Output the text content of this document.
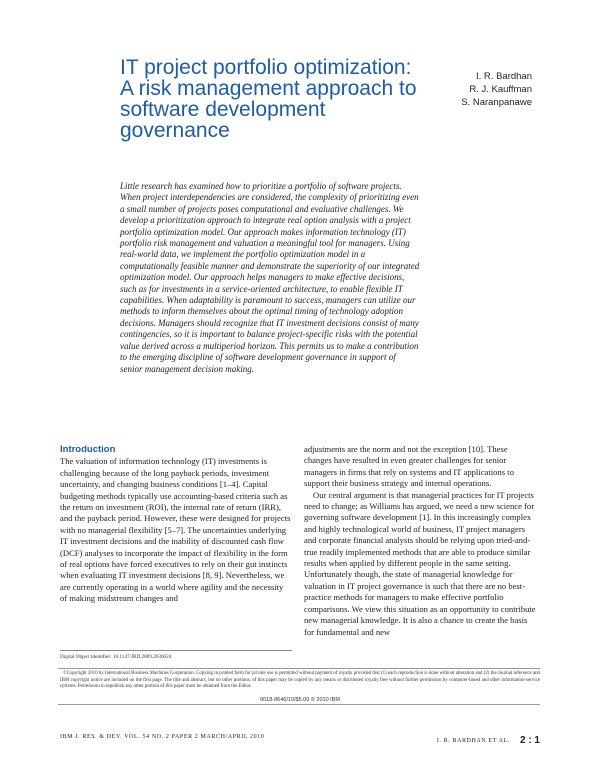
IT project portfolio optimization: A risk management approach to software development governance
I. R. Bardhan
R. J. Kauffman
S. Naranpanawe

Little research has examined how to prioritize a portfolio of software projects. When project interdependencies are considered, the complexity of prioritizing even a small number of projects poses computational and evaluative challenges. We develop a prioritization approach to integrate real option analysis with a project portfolio optimization model. Our approach makes information technology (IT) portfolio risk management and valuation a meaningful tool for managers. Using real-world data, we implement the portfolio optimization model in a computationally feasible manner and demonstrate the superiority of our integrated optimization model. Our approach helps managers to make effective decisions, such as for investments in a service-oriented architecture, to enable flexible IT capabilities. When adaptability is paramount to success, managers can utilize our methods to inform themselves about the optimal timing of technology adoption decisions. Managers should recognize that IT investment decisions consist of many contingencies, so it is important to balance project-specific risks with the potential value derived across a multiperiod horizon. This permits us to make a contribution to the emerging discipline of software development governance in support of senior management decision making.

Introduction

The valuation of information technology (IT) investments is challenging because of the long payback periods, investment uncertainty, and changing business conditions [1–4]. Capital budgeting methods typically use accounting-based criteria such as the return on investment (ROI), the internal rate of return (IRR), and the payback period. However, these were designed for projects with no managerial flexibility [5–7]. The uncertainties underlying IT investment decisions and the inability of discounted cash flow (DCF) analyses to incorporate the impact of flexibility in the form of real options have forced executives to rely on their gut instincts when evaluating IT investment decisions [8, 9]. Nevertheless, we are currently operating in a world where agility and the necessity of making midstream changes and

adjustments are the norm and not the exception [10]. These changes have resulted in even greater challenges for senior managers in firms that rely on systems and IT applications to support their business strategy and internal operations.

Our central argument is that managerial practices for IT projects need to change; as Williams has argued, we need a new science for governing software development [1]. In this increasingly complex and highly technological world of business, IT project managers and corporate financial analysts should be relying upon tried-and-true readily implemented methods that are able to produce similar results when applied by different people in the same setting. Unfortunately though, the state of managerial knowledge for valuation in IT project governance is such that there are no best-practice methods for managers to make effective portfolio comparisons. We view this situation as an opportunity to contribute new managerial knowledge. It is also a chance to create the basis for fundamental and new

Digital Object Identifier: 10.1147/JRD.2009.2036624

©Copyright 2010 by International Business Machines Corporation. Copying in printed form for private use is permitted without payment of royalty provided that (1) each reproduction is done without alteration and (2) the Journal reference and IBM copyright notice are included on the first page. The title and abstract, but no other portions, of this paper may be copied by any means or distributed royalty free without further permission by computer-based and other information-service systems. Permission to republish any other portion of this paper must be obtained from the Editor.

0018-8646/10/$5.00 © 2010 IBM
IBM J. RES. & DEV. VOL. 54 NO. 2 PAPER 2 MARCH/APRIL 2010
I. R. BARDHAN ET AL. 2 : 1
